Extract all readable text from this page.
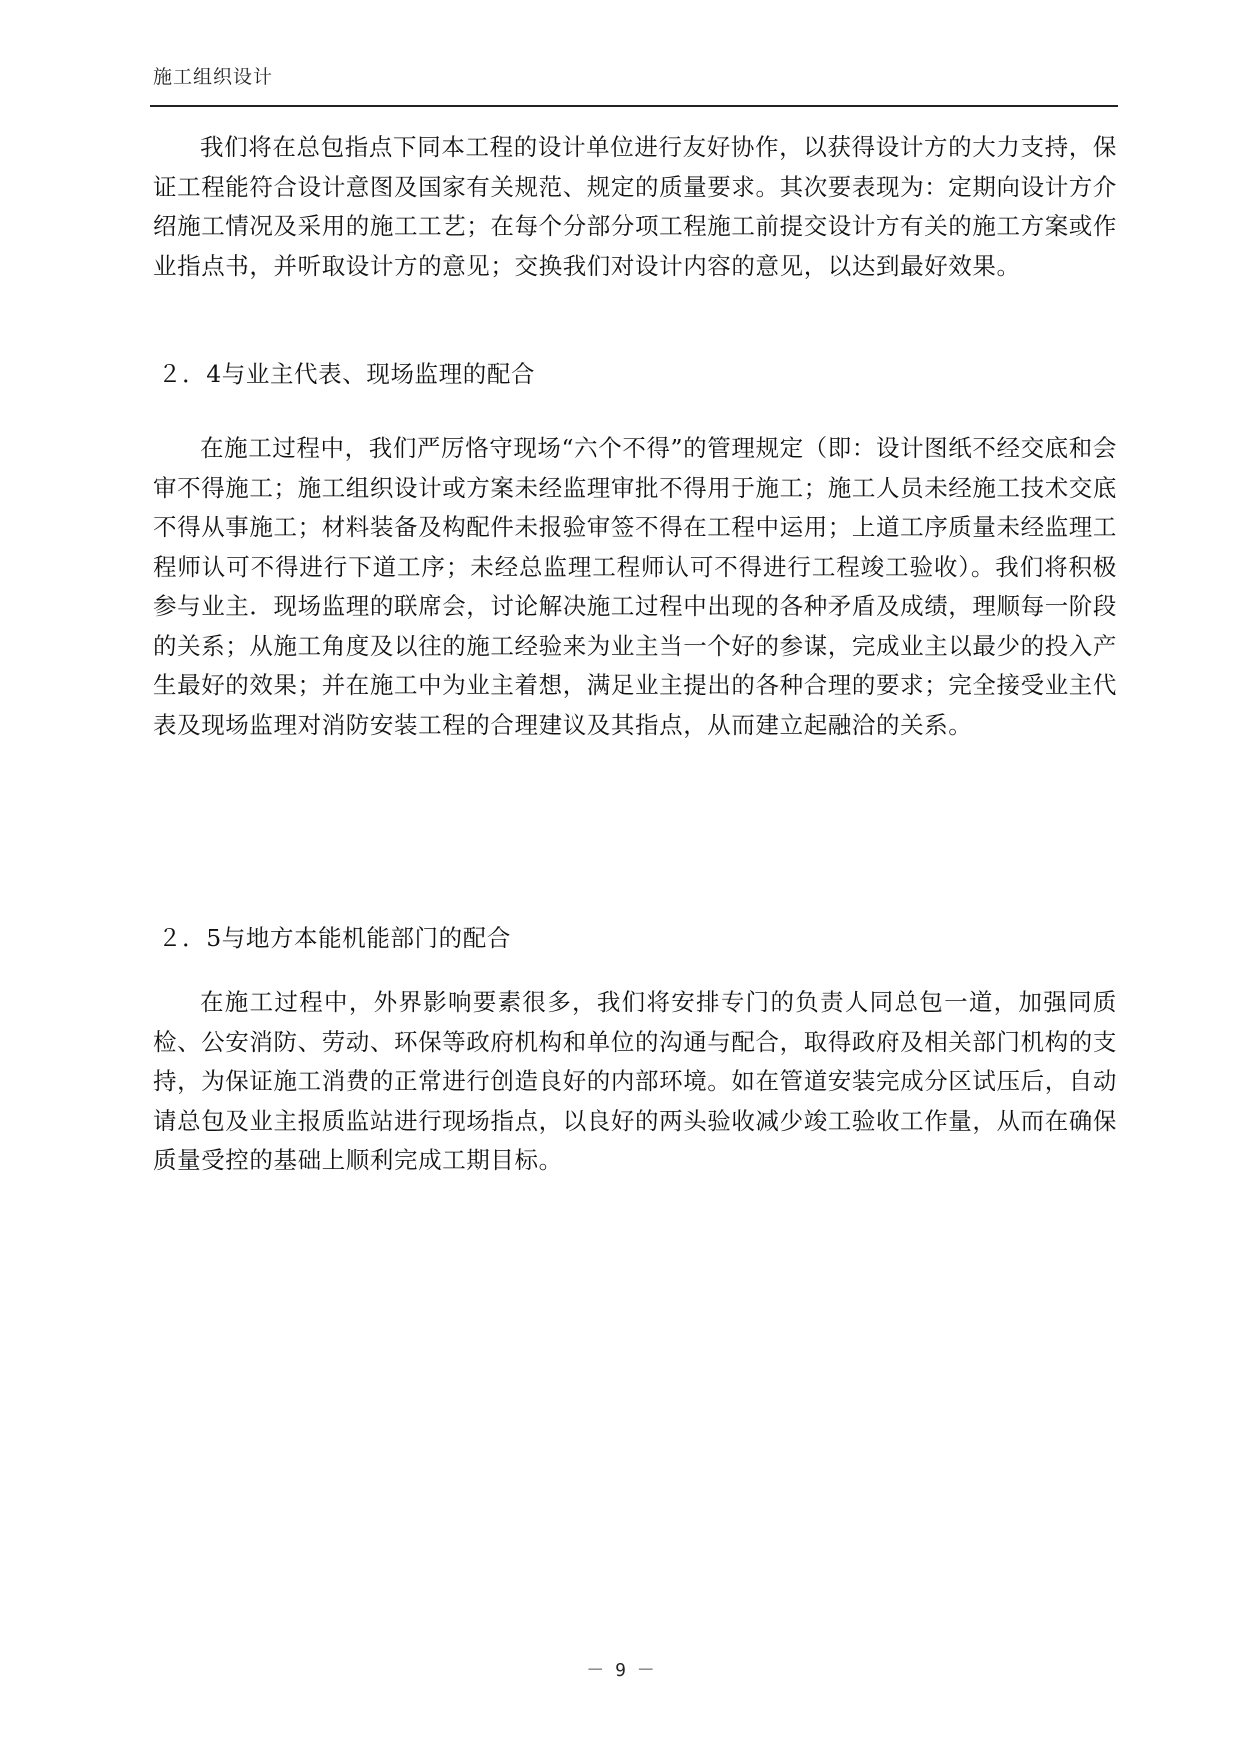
施工组织设计

我们将在总包指点下同本工程的设计单位进行友好协作，以获得设计方的大力支持，保证工程能符合设计意图及国家有关规范、规定的质量要求。其次要表现为：定期向设计方介绍施工情况及采用的施工工艺；在每个分部分项工程施工前提交设计方有关的施工方案或作业指点书，并听取设计方的意见；交换我们对设计内容的意见，以达到最好效果。

２．4与业主代表、现场监理的配合

在施工过程中，我们严厉恪守现场“六个不得”的管理规定（即：设计图纸不经交底和会审不得施工；施工组织设计或方案未经监理审批不得用于施工；施工人员未经施工技术交底不得从事施工；材料装备及构配件未报验审签不得在工程中运用；上道工序质量未经监理工程师认可不得进行下道工序；未经总监理工程师认可不得进行工程竣工验收）。我们将积极参与业主．现场监理的联席会，讨论解决施工过程中出现的各种矛盾及成绩，理顺每一阶段的关系；从施工角度及以往的施工经验来为业主当一个好的参谋，完成业主以最少的投入产生最好的效果；并在施工中为业主着想，满足业主提出的各种合理的要求；完全接受业主代表及现场监理对消防安装工程的合理建议及其指点，从而建立起融洽的关系。

２．5与地方本能机能部门的配合

在施工过程中，外界影响要素很多，我们将安排专门的负责人同总包一道，加强同质检、公安消防、劳动、环保等政府机构和单位的沟通与配合，取得政府及相关部门机构的支持，为保证施工消费的正常进行创造良好的内部环境。如在管道安装完成分区试压后，自动请总包及业主报质监站进行现场指点，以良好的两头验收减少竣工验收工作量，从而在确保质量受控的基础上顺利完成工期目标。

－ 9 －
